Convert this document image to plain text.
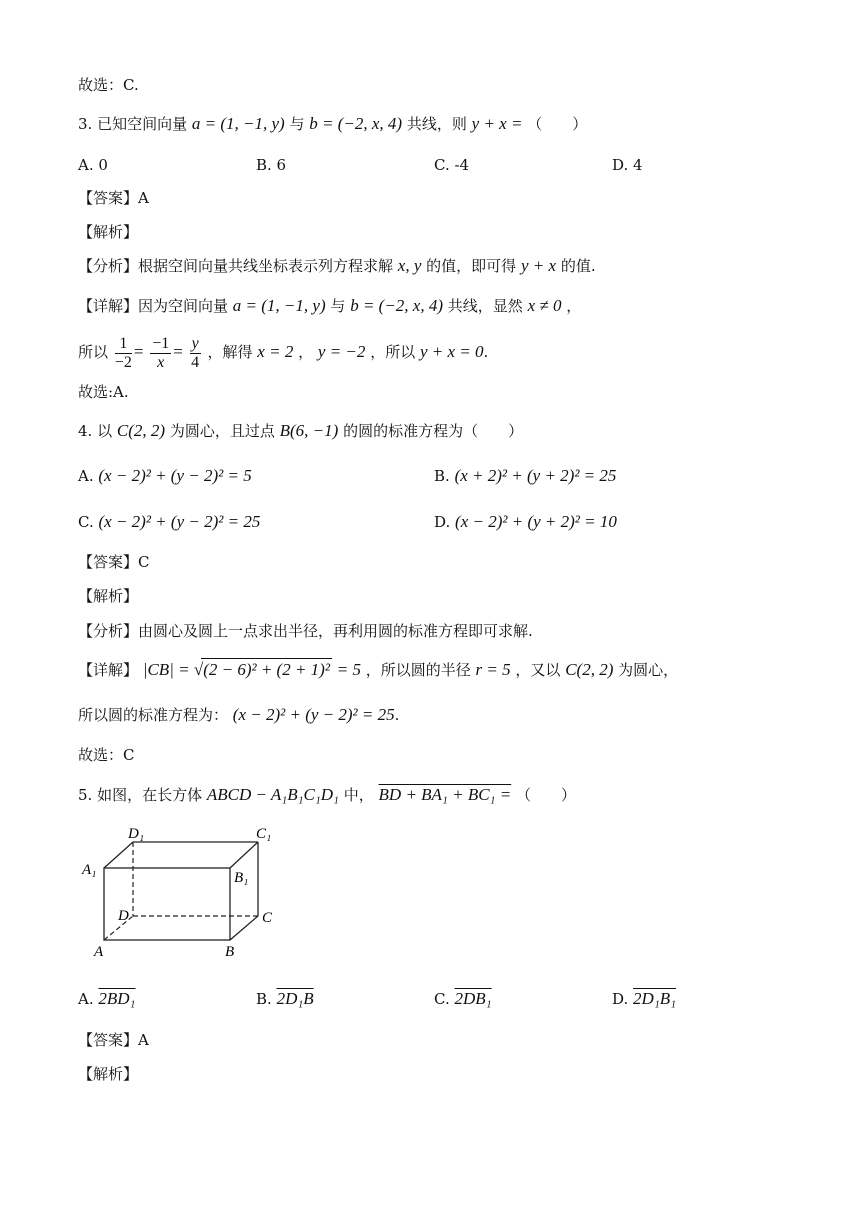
故选：C.
3. 已知空间向量 a = (1, −1, y) 与 b = (−2, x, 4) 共线，则 y + x = （　　）
A. 0	B. 6	C. -4	D. 4
【答案】A
【解析】
【分析】根据空间向量共线坐标表示列方程求解 x, y 的值，即可得 y + x 的值.
【详解】因为空间向量 a = (1, −1, y) 与 b = (−2, x, 4) 共线，显然 x ≠ 0 ，
所以 $\frac{1}{-2} = \frac{-1}{x} = \frac{y}{4}$ ，解得 x = 2 ， y = −2 ，所以 y + x = 0.
故选:A.
4. 以 C(2, 2) 为圆心，且过点 B(6, −1) 的圆的标准方程为（　　）
A. (x − 2)² + (y − 2)² = 5	B. (x + 2)² + (y + 2)² = 25
C. (x − 2)² + (y − 2)² = 25	D. (x − 2)² + (y + 2)² = 10
【答案】C
【解析】
【分析】由圆心及圆上一点求出半径，再利用圆的标准方程即可求解.
【详解】 |CB| = √(2 − 6)² + (2 + 1)² = 5 ，所以圆的半径 r = 5 ，又以 C(2, 2) 为圆心，
所以圆的标准方程为： (x − 2)² + (y − 2)² = 25.
故选：C
5. 如图，在长方体 ABCD − A₁B₁C₁D₁ 中， BD + BA₁ + BC₁ = （　　）
D₁	C₁
A₁	B₁
D	C
A	B
A. 2BD₁	B. 2D₁B	C. 2DB₁	D. 2D₁B₁
【答案】A
【解析】
